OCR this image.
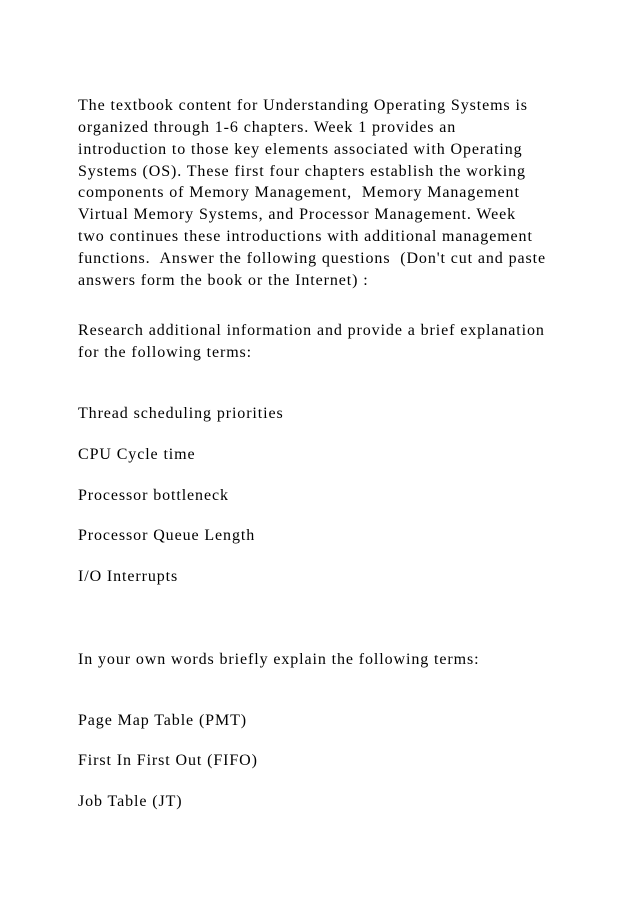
The textbook content for Understanding Operating Systems is
organized through 1-6 chapters. Week 1 provides an
introduction to those key elements associated with Operating
Systems (OS). These first four chapters establish the working
components of Memory Management,  Memory Management
Virtual Memory Systems, and Processor Management. Week
two continues these introductions with additional management
functions.  Answer the following questions  (Don't cut and paste
answers form the book or the Internet) :
Research additional information and provide a brief explanation
for the following terms:
Thread scheduling priorities
CPU Cycle time
Processor bottleneck
Processor Queue Length
I/O Interrupts
In your own words briefly explain the following terms:
Page Map Table (PMT)
First In First Out (FIFO)
Job Table (JT)
